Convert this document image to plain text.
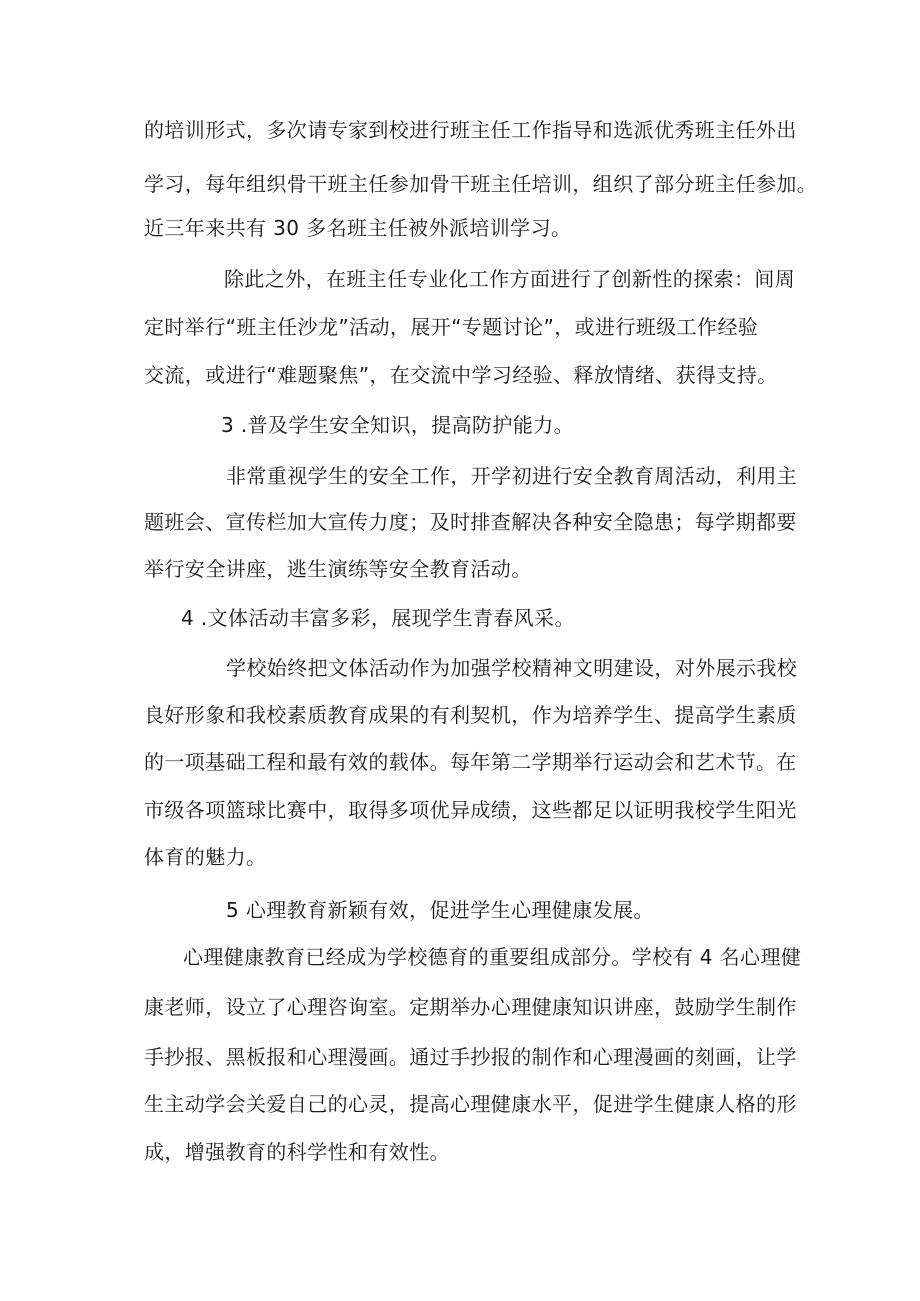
的培训形式，多次请专家到校进行班主任工作指导和选派优秀班主任外出
学习，每年组织骨干班主任参加骨干班主任培训，组织了部分班主任参加。
近三年来共有 30 多名班主任被外派培训学习。
除此之外，在班主任专业化工作方面进行了创新性的探索：间周
定时举行“班主任沙龙”活动，展开“专题讨论”，或进行班级工作经验
交流，或进行“难题聚焦”，在交流中学习经验、释放情绪、获得支持。
3 .普及学生安全知识，提高防护能力。
非常重视学生的安全工作，开学初进行安全教育周活动，利用主
题班会、宣传栏加大宣传力度；及时排查解决各种安全隐患；每学期都要
举行安全讲座，逃生演练等安全教育活动。
4 .文体活动丰富多彩，展现学生青春风采。
学校始终把文体活动作为加强学校精神文明建设，对外展示我校
良好形象和我校素质教育成果的有利契机，作为培养学生、提高学生素质
的一项基础工程和最有效的载体。每年第二学期举行运动会和艺术节。在
市级各项篮球比赛中，取得多项优异成绩，这些都足以证明我校学生阳光
体育的魅力。
5 心理教育新颖有效，促进学生心理健康发展。
心理健康教育已经成为学校德育的重要组成部分。学校有 4 名心理健
康老师，设立了心理咨询室。定期举办心理健康知识讲座，鼓励学生制作
手抄报、黑板报和心理漫画。通过手抄报的制作和心理漫画的刻画，让学
生主动学会关爱自己的心灵，提高心理健康水平，促进学生健康人格的形
成，增强教育的科学性和有效性。
